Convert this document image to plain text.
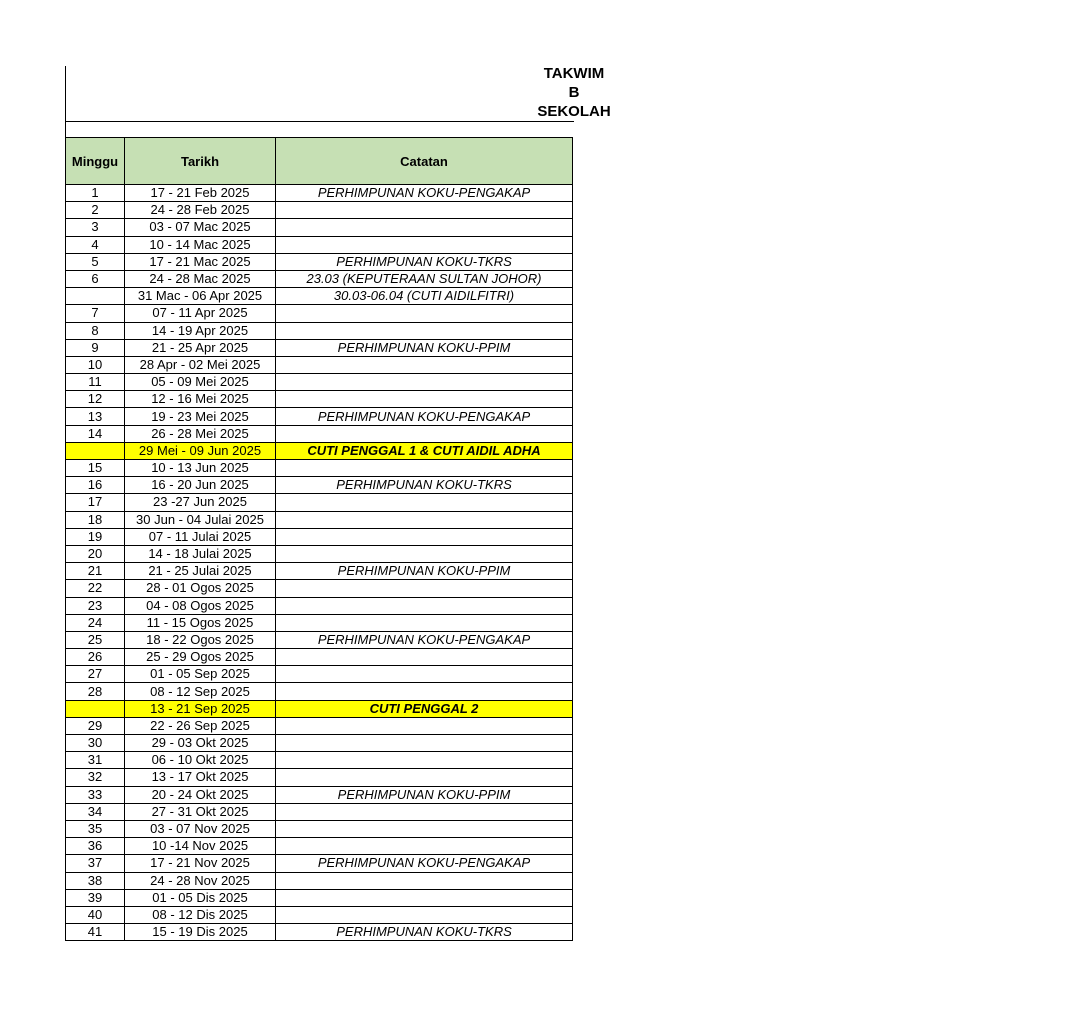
TAKWIM
B
SEKOLAH
Minggu	Tarikh	Catatan
1	17 - 21 Feb 2025	PERHIMPUNAN KOKU-PENGAKAP
2	24 - 28 Feb 2025	
3	03 - 07 Mac 2025	
4	10 - 14 Mac 2025	
5	17 - 21 Mac 2025	PERHIMPUNAN KOKU-TKRS
6	24 - 28 Mac 2025	23.03 (KEPUTERAAN SULTAN JOHOR)
	31 Mac - 06 Apr 2025	30.03-06.04 (CUTI AIDILFITRI)
7	07 - 11 Apr 2025	
8	14 - 19 Apr 2025	
9	21 - 25 Apr 2025	PERHIMPUNAN KOKU-PPIM
10	28 Apr - 02 Mei 2025	
11	05 - 09 Mei 2025	
12	12 - 16 Mei 2025	
13	19 - 23 Mei 2025	PERHIMPUNAN KOKU-PENGAKAP
14	26 - 28 Mei 2025	
	29 Mei - 09 Jun 2025	CUTI PENGGAL 1 & CUTI AIDIL ADHA
15	10 - 13 Jun 2025	
16	16 - 20 Jun 2025	PERHIMPUNAN KOKU-TKRS
17	23 -27 Jun 2025	
18	30 Jun - 04 Julai 2025	
19	07 - 11 Julai 2025	
20	14 - 18 Julai 2025	
21	21 - 25 Julai 2025	PERHIMPUNAN KOKU-PPIM
22	28 - 01 Ogos 2025	
23	04 - 08 Ogos 2025	
24	11 - 15 Ogos 2025	
25	18 - 22 Ogos 2025	PERHIMPUNAN KOKU-PENGAKAP
26	25 - 29 Ogos 2025	
27	01 - 05 Sep 2025	
28	08 - 12 Sep 2025	
	13 - 21 Sep 2025	CUTI PENGGAL 2
29	22 - 26 Sep 2025	
30	29 - 03 Okt 2025	
31	06 - 10 Okt 2025	
32	13 - 17 Okt 2025	
33	20 - 24 Okt 2025	PERHIMPUNAN KOKU-PPIM
34	27 - 31 Okt 2025	
35	03 - 07 Nov 2025	
36	10 -14 Nov 2025	
37	17 - 21 Nov 2025	PERHIMPUNAN KOKU-PENGAKAP
38	24 - 28 Nov 2025	
39	01 - 05 Dis 2025	
40	08 - 12 Dis 2025	
41	15 - 19 Dis 2025	PERHIMPUNAN KOKU-TKRS
